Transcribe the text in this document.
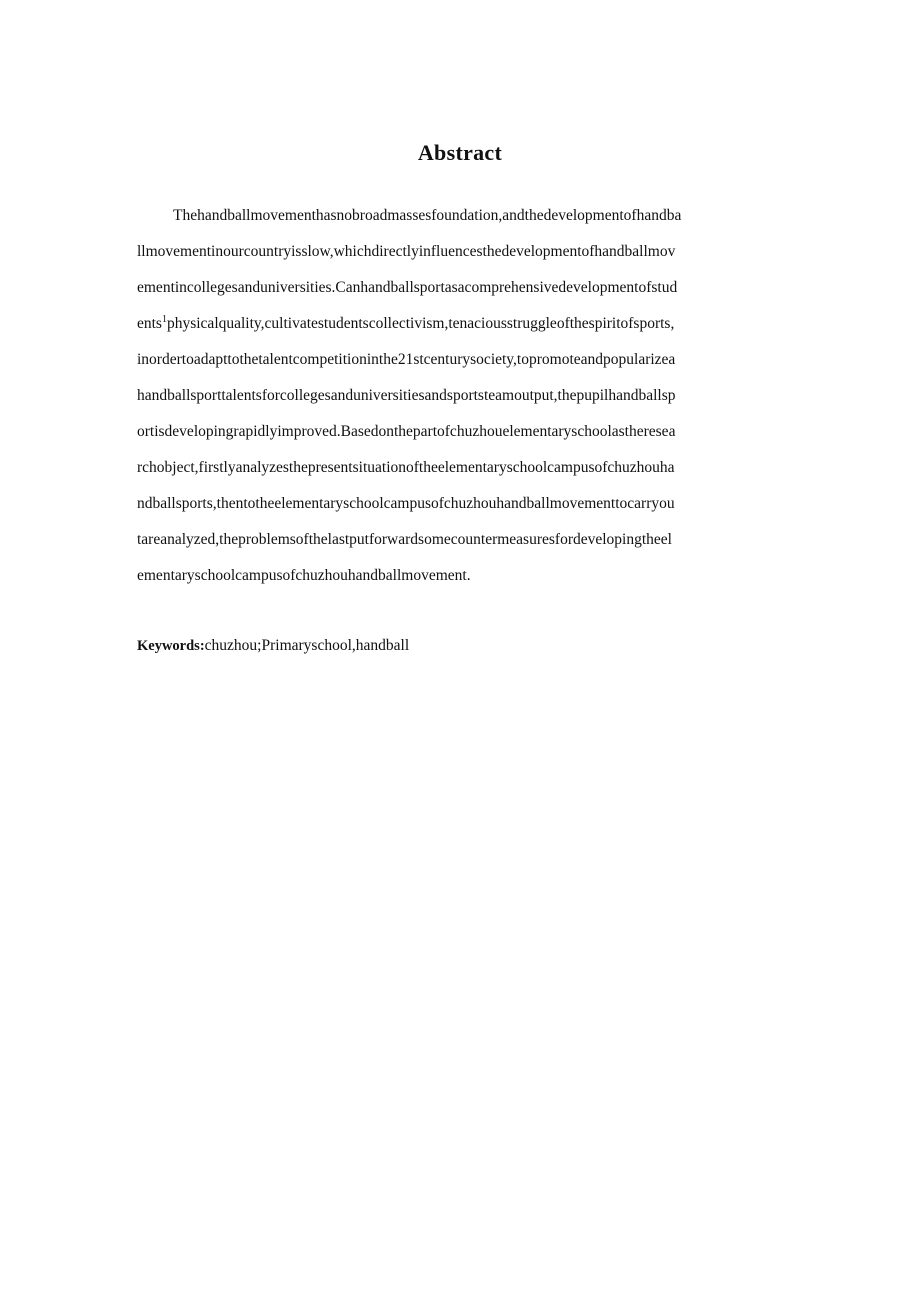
Abstract
Thehandballmovementhasnobroadmassesfoundation,andthedevelopmentofhandba
llmovementinourcountryisslow,whichdirectlyinfluencesthedevelopmentofhandballmov
ementincollegesanduniversities.Canhandballsportasacomprehensivedevelopmentofstud
ents$^1$physicalquality,cultivatestudentscollectivism,tenaciousstruggleofthespiritofsports,
inordertoadapttothetalentcompetitioninthe21stcenturysociety,topromoteandpopularizea
handballsporttalentsforcollegesanduniversitiesandsportsteamoutput,thepupilhandballsp
ortisdevelopingrapidlyimproved.Basedonthepartofchuzhouelementaryschoolastheresea
rchobject,firstlyanalyzesthepresentsituationoftheelementaryschoolcampusofchuzhouha
ndballsports,thentotheelementaryschoolcampusofchuzhouhandballmovementtocarryou
tareanalyzed,theproblemsofthelastputforwardsomecountermeasuresfordevelopingtheel
ementaryschoolcampusofchuzhouhandballmovement.
Keywords:chuzhou;Primaryschool,handball
